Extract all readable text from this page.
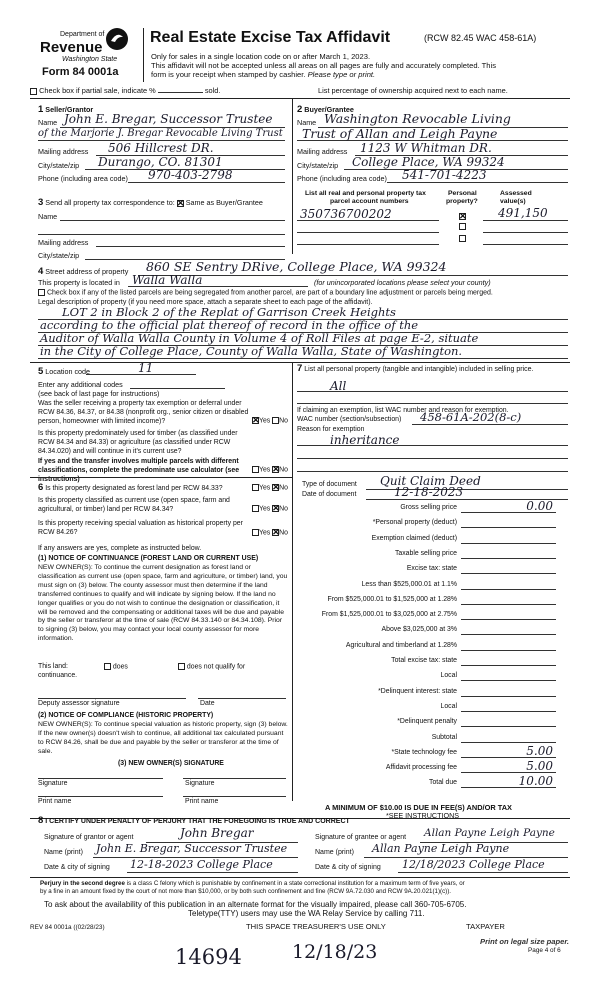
Department of
Revenue
Washington State
Form 84 0001a
Real Estate Excise Tax Affidavit	(RCW 82.45 WAC 458-61A)
Only for sales in a single location code on or after March 1, 2023.
This affidavit will not be accepted unless all areas on all pages are fully and accurately completed. This
form is your receipt when stamped by cashier. Please type or print.
Check box if partial sale, indicate %	sold.	List percentage of ownership acquired next to each name.
1 Seller/Grantor
Name John E. Bregar, Successor Trustee
of the Marjorie J. Bregar Revocable Living Trust
Mailing address 506 Hillcrest DR.
City/state/zip Durango, CO. 81301
Phone (including area code) 970-403-2798
2 Buyer/Grantee
Name Washington Revocable Living
Trust of Allan and Leigh Payne
Mailing address 1123 W Whitman DR.
City/state/zip College Place, WA 99324
Phone (including area code) 541-701-4223
3 Send all property tax correspondence to: ✕ Same as Buyer/Grantee
Name
Mailing address
City/state/zip
List all real and personal property tax
parcel account numbers
Personal
property?
Assessed
value(s)
350736700202	491,150
✕
4 Street address of property 860 SE Sentry DRive, College Place, WA 99324
This property is located in Walla Walla	(for unincorporated locations please select your county)
Check box if any of the listed parcels are being segregated from another parcel, are part of a boundary line adjustment or parcels being merged.
Legal description of property (if you need more space, attach a separate sheet to each page of the affidavit).
LOT 2 in Block 2 of the Replat of Garrison Creek Heights
according to the official plat thereof of record in the office of the
Auditor of Walla Walla County in Volume 4 of Roll Files at page E-2, situate
in the City of College Place, County of Walla Walla, State of Washington.
5 Location code	11
Enter any additional codes
(see back of last page for instructions)
Was the seller receiving a property tax exemption or deferral under RCW 84.36, 84.37, or 84.38 (nonprofit org., senior citizen or disabled person, homeowner with limited income)? ✕	Yes No
Is this property predominately used for timber (as classified under RCW 84.34 and 84.33) or agriculture (as classified under RCW 84.34.020) and will continue in it's current use?
If yes and the transfer involves multiple parcels with different classifications, complete the predominate use calculator (see instructions)
Yes ✕ No
6 Is this property designated as forest land per RCW 84.33?	Yes ✕ No
Is this property classified as current use (open space, farm and agricultural, or timber) land per RCW 84.34?	Yes ✕ No
Is this property receiving special valuation as historical property per RCW 84.26?	Yes ✕ No
If any answers are yes, complete as instructed below.
(1) NOTICE OF CONTINUANCE (FOREST LAND OR CURRENT USE)
NEW OWNER(S): To continue the current designation as forest land or classification as current use (open space, farm and agriculture, or timber) land, you must sign on (3) below. The county assessor must then determine if the land transferred continues to qualify and will indicate by signing below. If the land no longer qualifies or you do not wish to continue the designation or classification, it will be removed and the compensating or additional taxes will be due and payable by the seller or transferor at the time of sale (RCW 84.33.140 or 84.34.108). Prior to signing (3) below, you may contact your local county assessor for more information.
This land:	does	does not qualify for
continuance.
Deputy assessor signature	Date
(2) NOTICE OF COMPLIANCE (HISTORIC PROPERTY)
NEW OWNER(S): To continue special valuation as historic property, sign (3) below. If the new owner(s) doesn't wish to continue, all additional tax calculated pursuant to RCW 84.26, shall be due and payable by the seller or transferor at the time of sale.
(3) NEW OWNER(S) SIGNATURE
Signature	Signature
Print name	Print name
7 List all personal property (tangible and intangible) included in selling price.
All
If claiming an exemption, list WAC number and reason for exemption.
WAC number (section/subsection) 458-61A-202(8-c)
Reason for exemption
inheritance
Type of document Quit Claim Deed
Date of document	12-18-2023
Gross selling price	0.00
*Personal property (deduct)
Exemption claimed (deduct)
Taxable selling price
Excise tax: state
Less than $525,000.01 at 1.1%
From $525,000.01 to $1,525,000 at 1.28%
From $1,525,000.01 to $3,025,000 at 2.75%
Above $3,025,000 at 3%
Agricultural and timberland at 1.28%
Total excise tax: state
Local
*Delinquent interest: state
Local
*Delinquent penalty
Subtotal
*State technology fee	5.00
Affidavit processing fee	5.00
Total due	10.00
A MINIMUM OF $10.00 IS DUE IN FEE(S) AND/OR TAX
*SEE INSTRUCTIONS
8 I CERTIFY UNDER PENALTY OF PERJURY THAT THE FOREGOING IS TRUE AND CORRECT
Signature of grantor or agent	John Bregar
Name (print) John E. Bregar, Successor Trustee
Date & city of signing 12-18-2023 College Place
Signature of grantee or agent Allan Payne Leigh Payne
Name (print) Allan Payne Leigh Payne
Date & city of signing 12/18/2023 College Place
Perjury in the second degree is a class C felony which is punishable by confinement in a state correctional institution for a maximum term of five years, or
by a fine in an amount fixed by the court of not more than $10,000, or by both such confinement and fine (RCW 9A.72.030 and RCW 9A.20.021(1)(c)).
To ask about the availability of this publication in an alternate format for the visually impaired, please call 360-705-6705.
Teletype(TTY) users may use the WA Relay Service by calling 711.
REV 84 0001a ((02/28/23)	THIS SPACE TREASURER'S USE ONLY	TAXPAYER
14694	12/18/23	Print on legal size paper.
Page 4 of 6
